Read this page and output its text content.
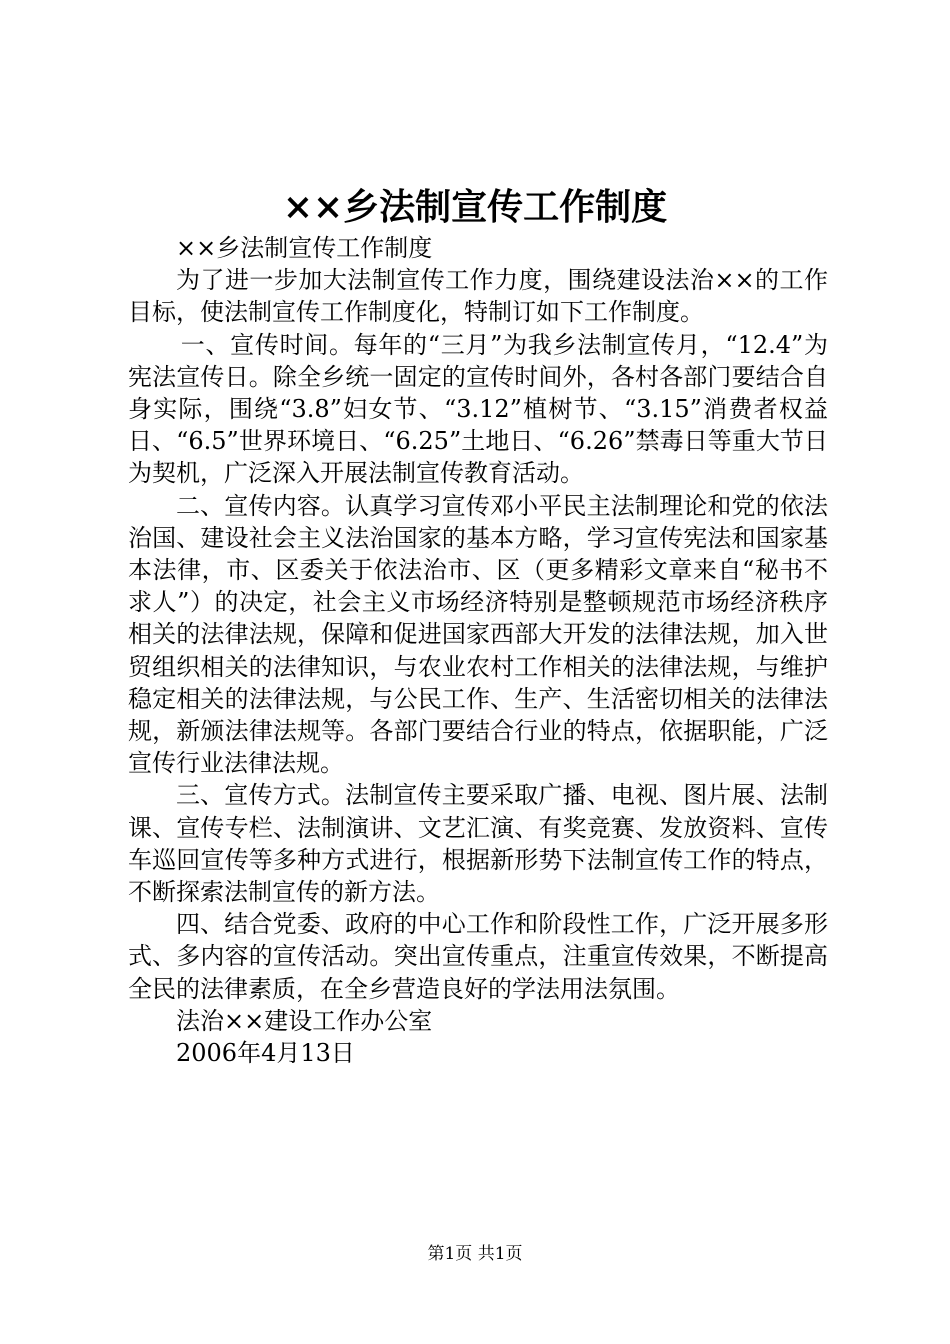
××乡法制宣传工作制度

××乡法制宣传工作制度

为了进一步加大法制宣传工作力度，围绕建设法治××的工作目标，使法制宣传工作制度化，特制订如下工作制度。

一、宣传时间。每年的“三月”为我乡法制宣传月，“12.4”为宪法宣传日。除全乡统一固定的宣传时间外，各村各部门要结合自身实际，围绕“3.8”妇女节、“3.12”植树节、“3.15”消费者权益日、“6.5”世界环境日、“6.25”土地日、“6.26”禁毒日等重大节日为契机，广泛深入开展法制宣传教育活动。

二、宣传内容。认真学习宣传邓小平民主法制理论和党的依法治国、建设社会主义法治国家的基本方略，学习宣传宪法和国家基本法律，市、区委关于依法治市、区（更多精彩文章来自“秘书不求人”）的决定，社会主义市场经济特别是整顿规范市场经济秩序相关的法律法规，保障和促进国家西部大开发的法律法规，加入世贸组织相关的法律知识，与农业农村工作相关的法律法规，与维护稳定相关的法律法规，与公民工作、生产、生活密切相关的法律法规，新颁法律法规等。各部门要结合行业的特点，依据职能，广泛宣传行业法律法规。

三、宣传方式。法制宣传主要采取广播、电视、图片展、法制课、宣传专栏、法制演讲、文艺汇演、有奖竞赛、发放资料、宣传车巡回宣传等多种方式进行，根据新形势下法制宣传工作的特点，不断探索法制宣传的新方法。

四、结合党委、政府的中心工作和阶段性工作，广泛开展多形式、多内容的宣传活动。突出宣传重点，注重宣传效果，不断提高全民的法律素质，在全乡营造良好的学法用法氛围。

法治××建设工作办公室

2006年4月13日

第1页 共1页
